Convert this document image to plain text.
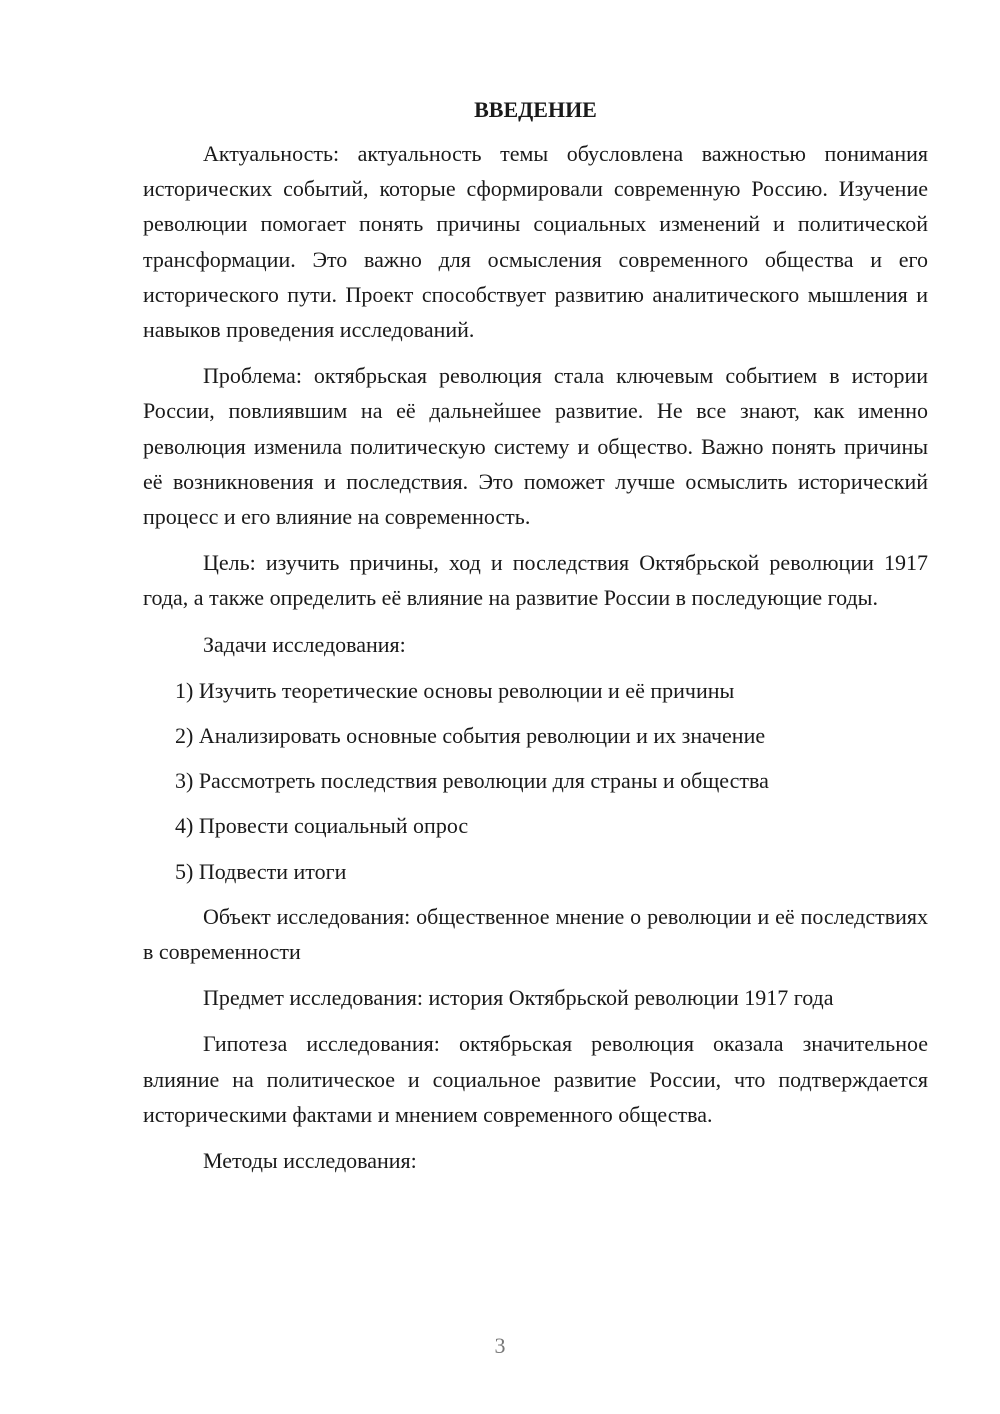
ВВЕДЕНИЕ

Актуальность: актуальность темы обусловлена важностью понимания исторических событий, которые сформировали современную Россию. Изучение революции помогает понять причины социальных изменений и политической трансформации. Это важно для осмысления современного общества и его исторического пути. Проект способствует развитию аналитического мышления и навыков проведения исследований.

Проблема: октябрьская революция стала ключевым событием в истории России, повлиявшим на её дальнейшее развитие. Не все знают, как именно революция изменила политическую систему и общество. Важно понять причины её возникновения и последствия. Это поможет лучше осмыслить исторический процесс и его влияние на современность.

Цель: изучить причины, ход и последствия Октябрьской революции 1917 года, а также определить её влияние на развитие России в последующие годы.

Задачи исследования:

1) Изучить теоретические основы революции и её причины
2) Анализировать основные события революции и их значение
3) Рассмотреть последствия революции для страны и общества
4) Провести социальный опрос
5) Подвести итоги

Объект исследования: общественное мнение о революции и её последствиях в современности

Предмет исследования: история Октябрьской революции 1917 года

Гипотеза исследования: октябрьская революция оказала значительное влияние на политическое и социальное развитие России, что подтверждается историческими фактами и мнением современного общества.

Методы исследования:

3
